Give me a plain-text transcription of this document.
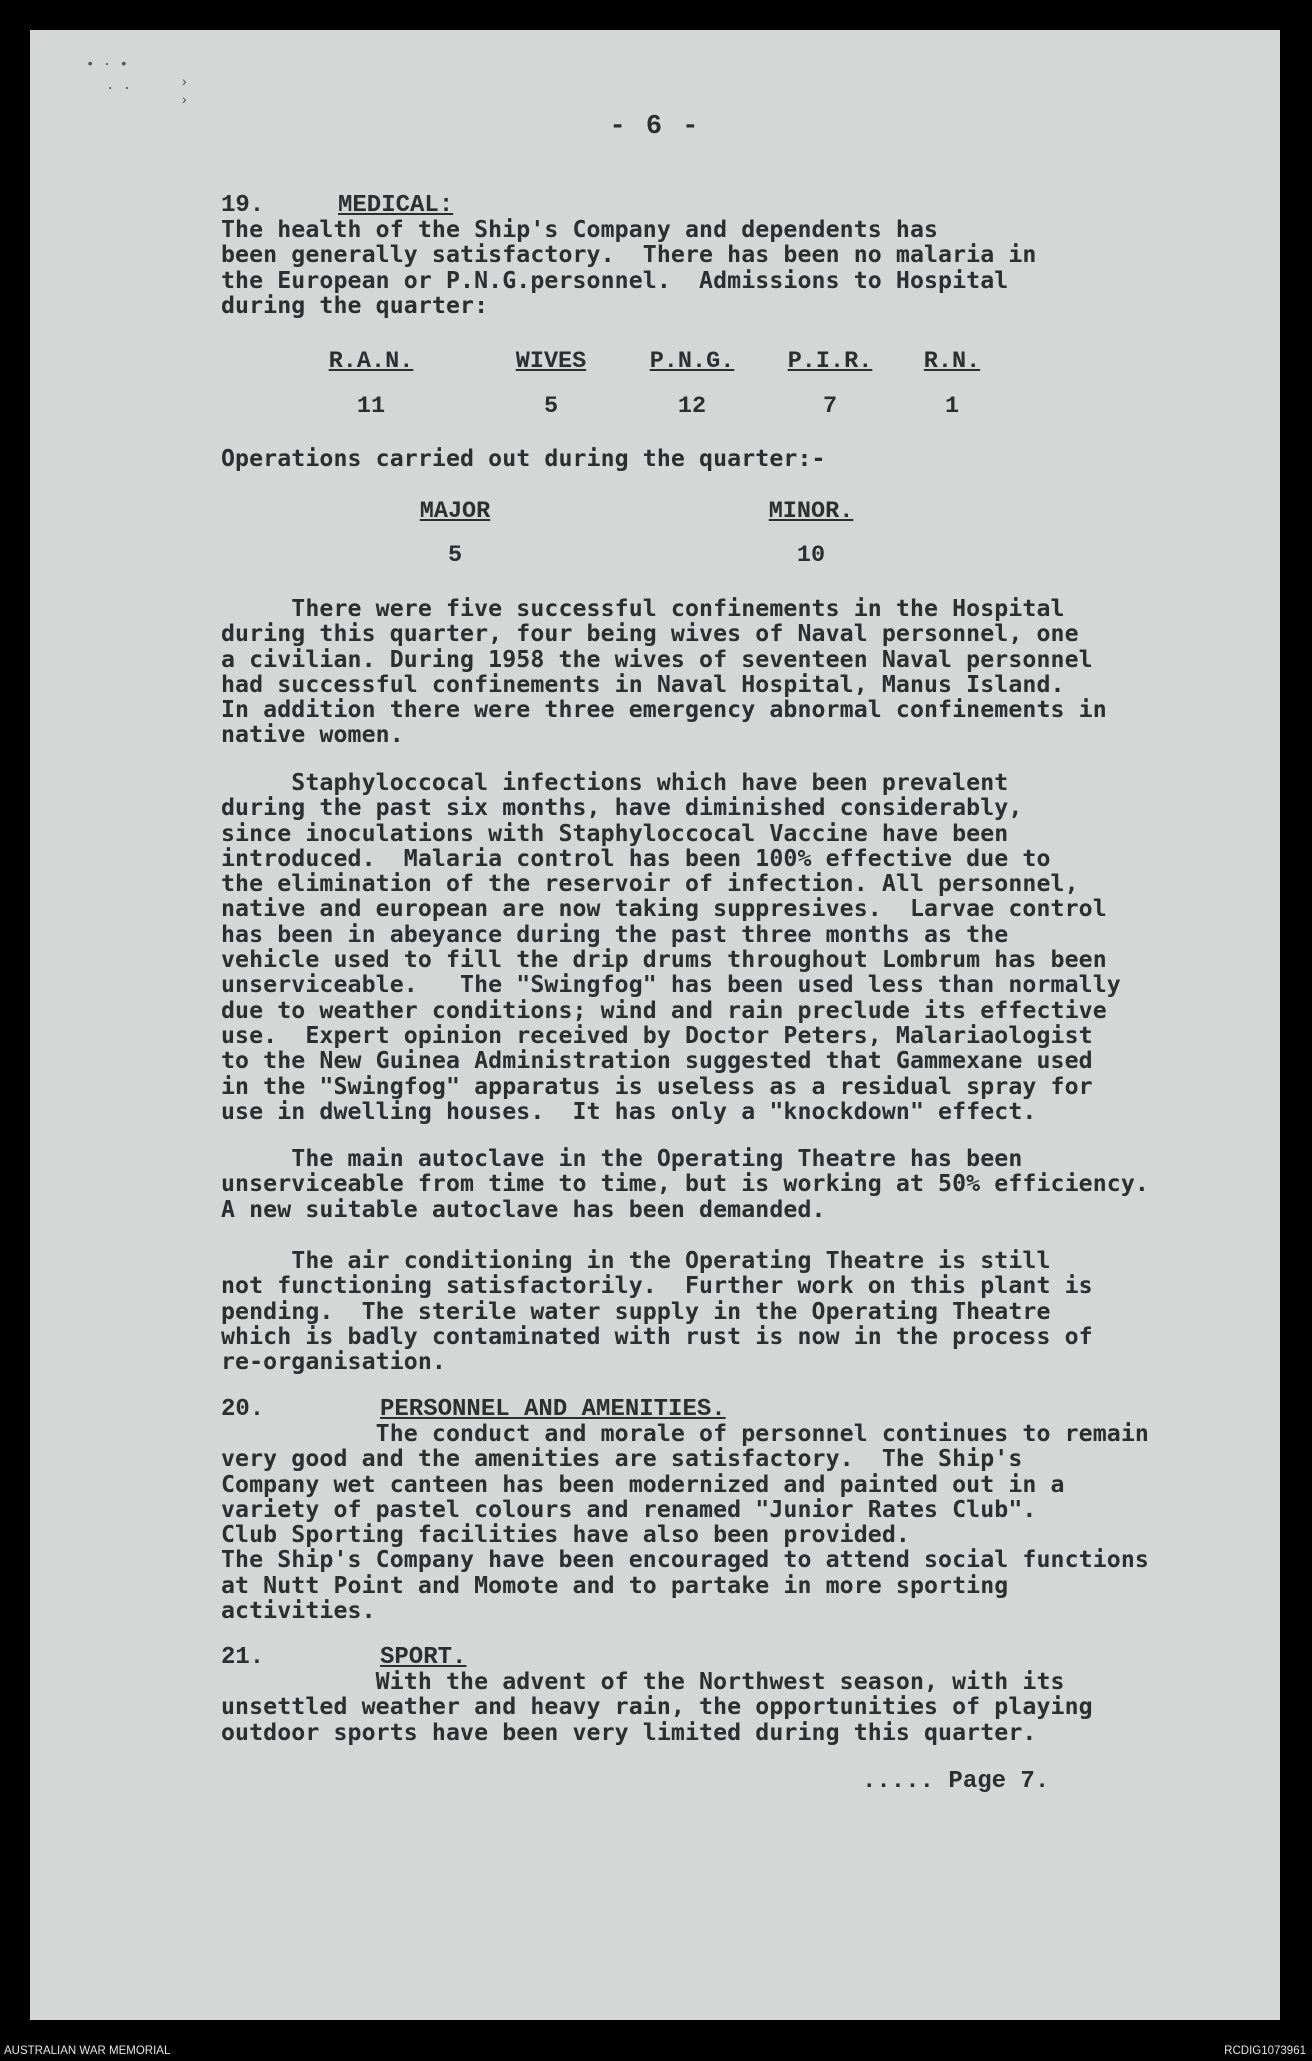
• · •
· ·	›
›
- 6 -
19.	MEDICAL:
The health of the Ship's Company and dependents has
been generally satisfactory.  There has been no malaria in
the European or P.N.G.personnel.  Admissions to Hospital
during the quarter:
R.A.N.	WIVES	P.N.G.	P.I.R.	R.N.
11	5	12	7	1
Operations carried out during the quarter:-
MAJOR	MINOR.
5	10
There were five successful confinements in the Hospital
during this quarter, four being wives of Naval personnel, one
a civilian. During 1958 the wives of seventeen Naval personnel
had successful confinements in Naval Hospital, Manus Island.
In addition there were three emergency abnormal confinements in
native women.
Staphyloccocal infections which have been prevalent
during the past six months, have diminished considerably,
since inoculations with Staphyloccocal Vaccine have been
introduced.  Malaria control has been 100% effective due to
the elimination of the reservoir of infection. All personnel,
native and european are now taking suppresives.  Larvae control
has been in abeyance during the past three months as the
vehicle used to fill the drip drums throughout Lombrum has been
unserviceable.   The "Swingfog" has been used less than normally
due to weather conditions; wind and rain preclude its effective
use.  Expert opinion received by Doctor Peters, Malariaologist
to the New Guinea Administration suggested that Gammexane used
in the "Swingfog" apparatus is useless as a residual spray for
use in dwelling houses.  It has only a "knockdown" effect.
The main autoclave in the Operating Theatre has been
unserviceable from time to time, but is working at 50% efficiency.
A new suitable autoclave has been demanded.
The air conditioning in the Operating Theatre is still
not functioning satisfactorily.  Further work on this plant is
pending.  The sterile water supply in the Operating Theatre
which is badly contaminated with rust is now in the process of
re-organisation.
20.	PERSONNEL AND AMENITIES.
The conduct and morale of personnel continues to remain
very good and the amenities are satisfactory.  The Ship's
Company wet canteen has been modernized and painted out in a
variety of pastel colours and renamed "Junior Rates Club".
Club Sporting facilities have also been provided.
The Ship's Company have been encouraged to attend social functions
at Nutt Point and Momote and to partake in more sporting
activities.
21.	SPORT.
With the advent of the Northwest season, with its
unsettled weather and heavy rain, the opportunities of playing
outdoor sports have been very limited during this quarter.
..... Page 7.
AUSTRALIAN WAR MEMORIAL	RCDIG1073961
